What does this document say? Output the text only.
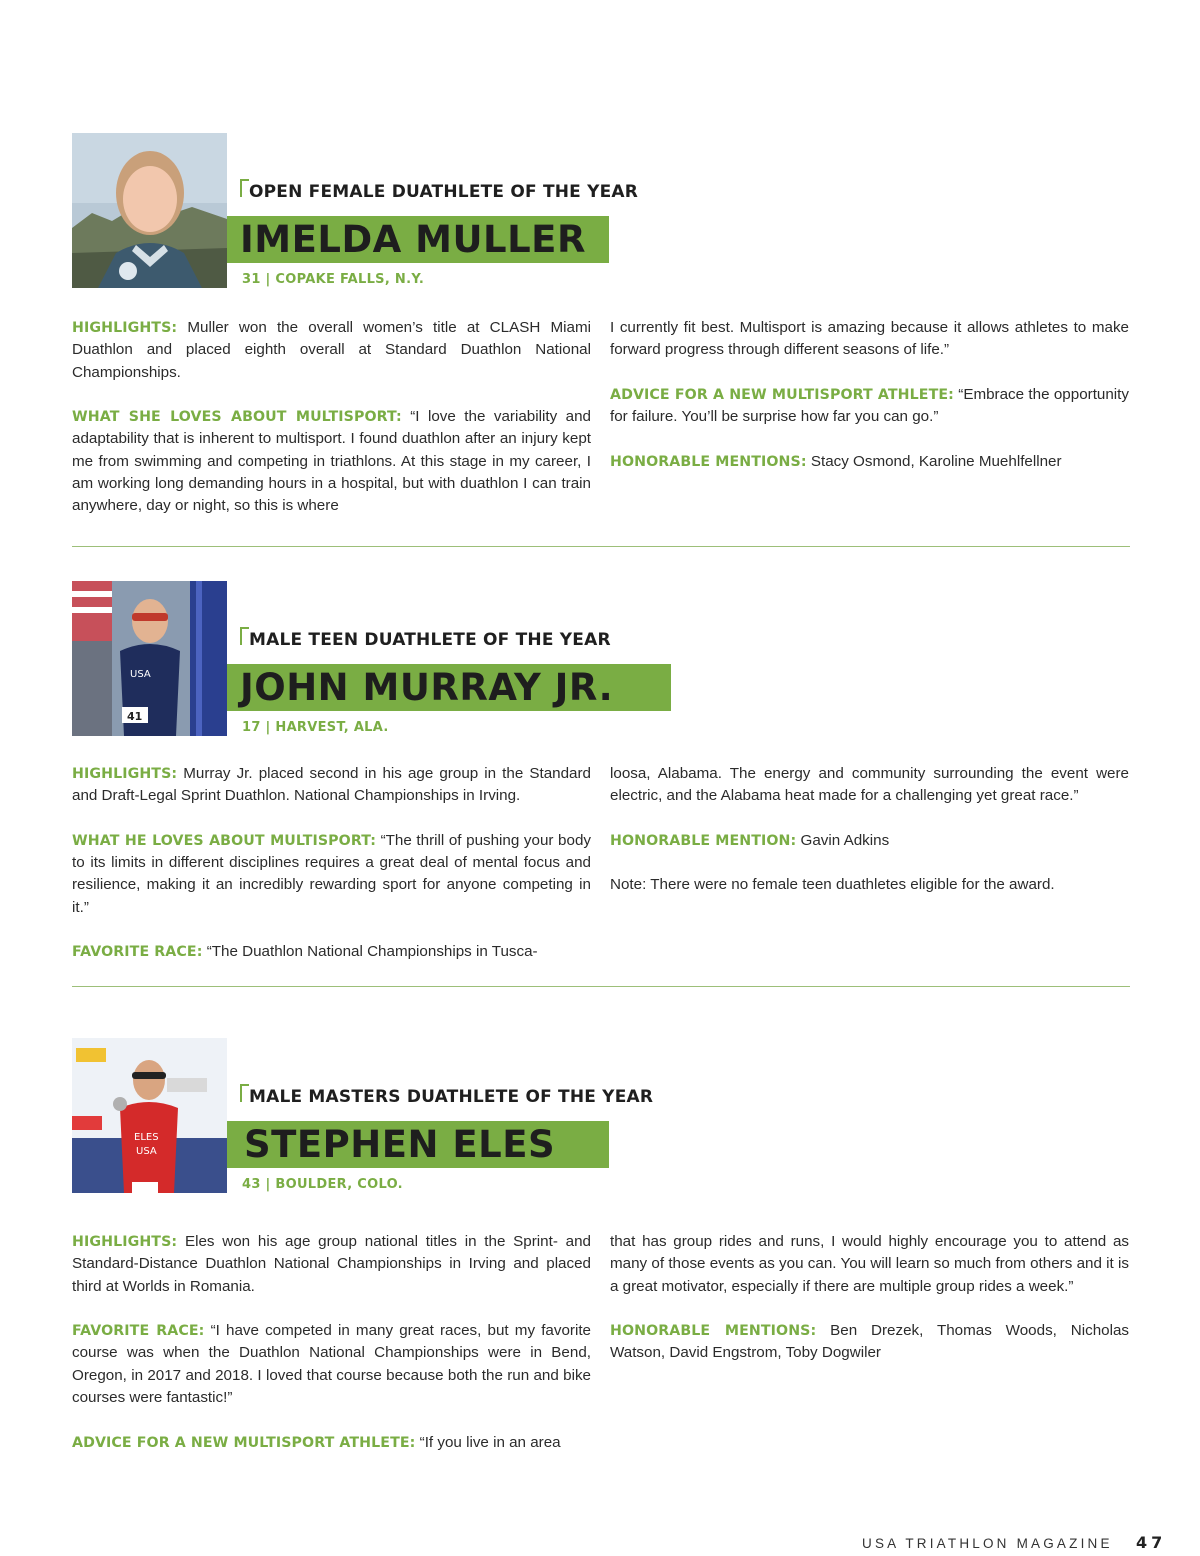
OPEN FEMALE DUATHLETE OF THE YEAR
IMELDA MULLER
31 | COPAKE FALLS, N.Y.

HIGHLIGHTS: Muller won the overall women’s title at CLASH Miami Duathlon and placed eighth overall at Standard Duathlon National Championships.

WHAT SHE LOVES ABOUT MULTISPORT: “I love the variability and adaptability that is inherent to multisport. I found duathlon after an injury kept me from swimming and competing in triathlons. At this stage in my career, I am working long demanding hours in a hospital, but with duathlon I can train anywhere, day or night, so this is where

I currently fit best. Multisport is amazing because it allows athletes to make forward progress through different seasons of life.”

ADVICE FOR A NEW MULTISPORT ATHLETE: “Embrace the opportunity for failure. You’ll be surprise how far you can go.”

HONORABLE MENTIONS: Stacy Osmond, Karoline Muehlfellner

USA
41
MALE TEEN DUATHLETE OF THE YEAR
JOHN MURRAY JR.
17 | HARVEST, ALA.

HIGHLIGHTS: Murray Jr. placed second in his age group in the Standard and Draft-Legal Sprint Duathlon. National Championships in Irving.

WHAT HE LOVES ABOUT MULTISPORT: “The thrill of pushing your body to its limits in different disciplines requires a great deal of mental focus and resilience, making it an incredibly rewarding sport for anyone competing in it.”

FAVORITE RACE: “The Duathlon National Championships in Tusca-

loosa, Alabama. The energy and community surrounding the event were electric, and the Alabama heat made for a challenging yet great race.”

HONORABLE MENTION: Gavin Adkins

Note: There were no female teen duathletes eligible for the award.

ELES
USA
MALE MASTERS DUATHLETE OF THE YEAR
STEPHEN ELES
43 | BOULDER, COLO.

HIGHLIGHTS: Eles won his age group national titles in the Sprint- and Standard-Distance Duathlon National Championships in Irving and placed third at Worlds in Romania.

FAVORITE RACE: “I have competed in many great races, but my favorite course was when the Duathlon National Championships were in Bend, Oregon, in 2017 and 2018. I loved that course because both the run and bike courses were fantastic!”

ADVICE FOR A NEW MULTISPORT ATHLETE: “If you live in an area

that has group rides and runs, I would highly encourage you to attend as many of those events as you can. You will learn so much from others and it is a great motivator, especially if there are multiple group rides a week.”

HONORABLE MENTIONS: Ben Drezek, Thomas Woods, Nicholas Watson, David Engstrom, Toby Dogwiler

USA TRIATHLON MAGAZINE 47
